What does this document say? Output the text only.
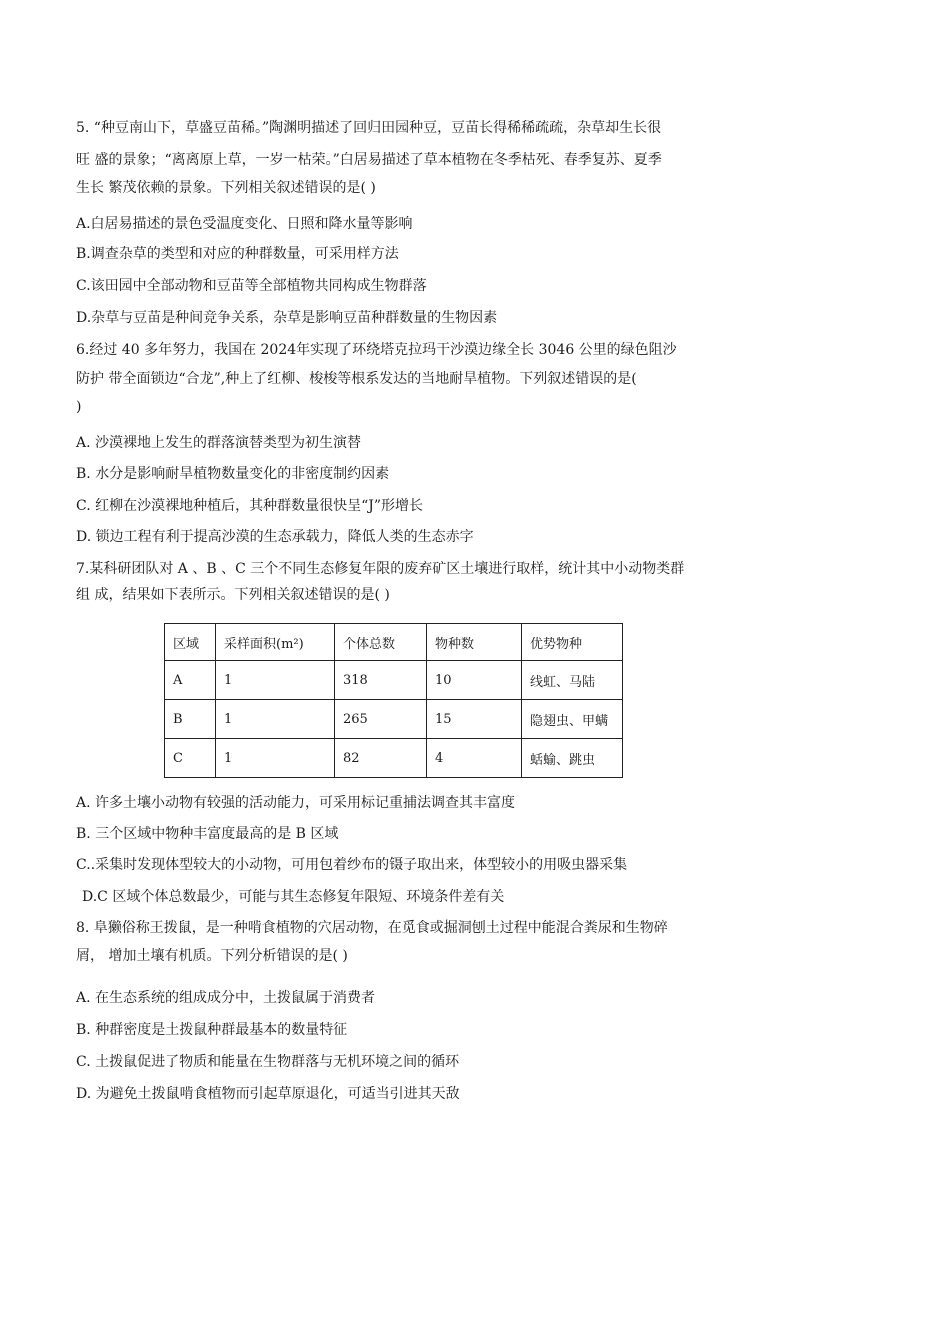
5. “种豆南山下，草盛豆苗稀。”陶渊明描述了回归田园种豆，豆苗长得稀稀疏疏，杂草却生长很
旺 盛的景象；“离离原上草，一岁一枯荣。”白居易描述了草本植物在冬季枯死、春季复苏、夏季
生长 繁茂依赖的景象。下列相关叙述错误的是( )
A.白居易描述的景色受温度变化、日照和降水量等影响
B.调查杂草的类型和对应的种群数量，可采用样方法
C.该田园中全部动物和豆苗等全部植物共同构成生物群落
D.杂草与豆苗是种间竞争关系，杂草是影响豆苗种群数量的生物因素
6.经过 40 多年努力，我国在 2024年实现了环绕塔克拉玛干沙漠边缘全长 3046 公里的绿色阻沙
防护 带全面锁边“合龙”,种上了红柳、梭梭等根系发达的当地耐旱植物。下列叙述错误的是(
)
A. 沙漠裸地上发生的群落演替类型为初生演替
B. 水分是影响耐旱植物数量变化的非密度制约因素
C. 红柳在沙漠裸地种植后，其种群数量很快呈“J”形增长
D. 锁边工程有利于提高沙漠的生态承载力，降低人类的生态赤字
7.某科研团队对 A 、B 、C 三个不同生态修复年限的废弃矿区土壤进行取样，统计其中小动物类群
组 成，结果如下表所示。下列相关叙述错误的是( )
区域	采样面积(m²)	个体总数	物种数	优势物种
A	1	318	10	线虹、马陆
B	1	265	15	隐翅虫、甲螨
C	1	82	4	蛞蝓、跳虫
A. 许多土壤小动物有较强的活动能力，可采用标记重捕法调查其丰富度
B. 三个区域中物种丰富度最高的是 B 区域
C..采集时发现体型较大的小动物，可用包着纱布的镊子取出来，体型较小的用吸虫器采集
D.C 区域个体总数最少，可能与其生态修复年限短、环境条件差有关
8. 阜獭俗称王拨鼠，是一种啃食植物的穴居动物，在觅食或掘洞刨土过程中能混合粪尿和生物碎
屑， 增加土壤有机质。下列分析错误的是( )
A. 在生态系统的组成成分中，土拨鼠属于消费者
B. 种群密度是土拨鼠种群最基本的数量特征
C. 土拨鼠促进了物质和能量在生物群落与无机环境之间的循环
D. 为避免土拨鼠啃食植物而引起草原退化，可适当引进其天敌
